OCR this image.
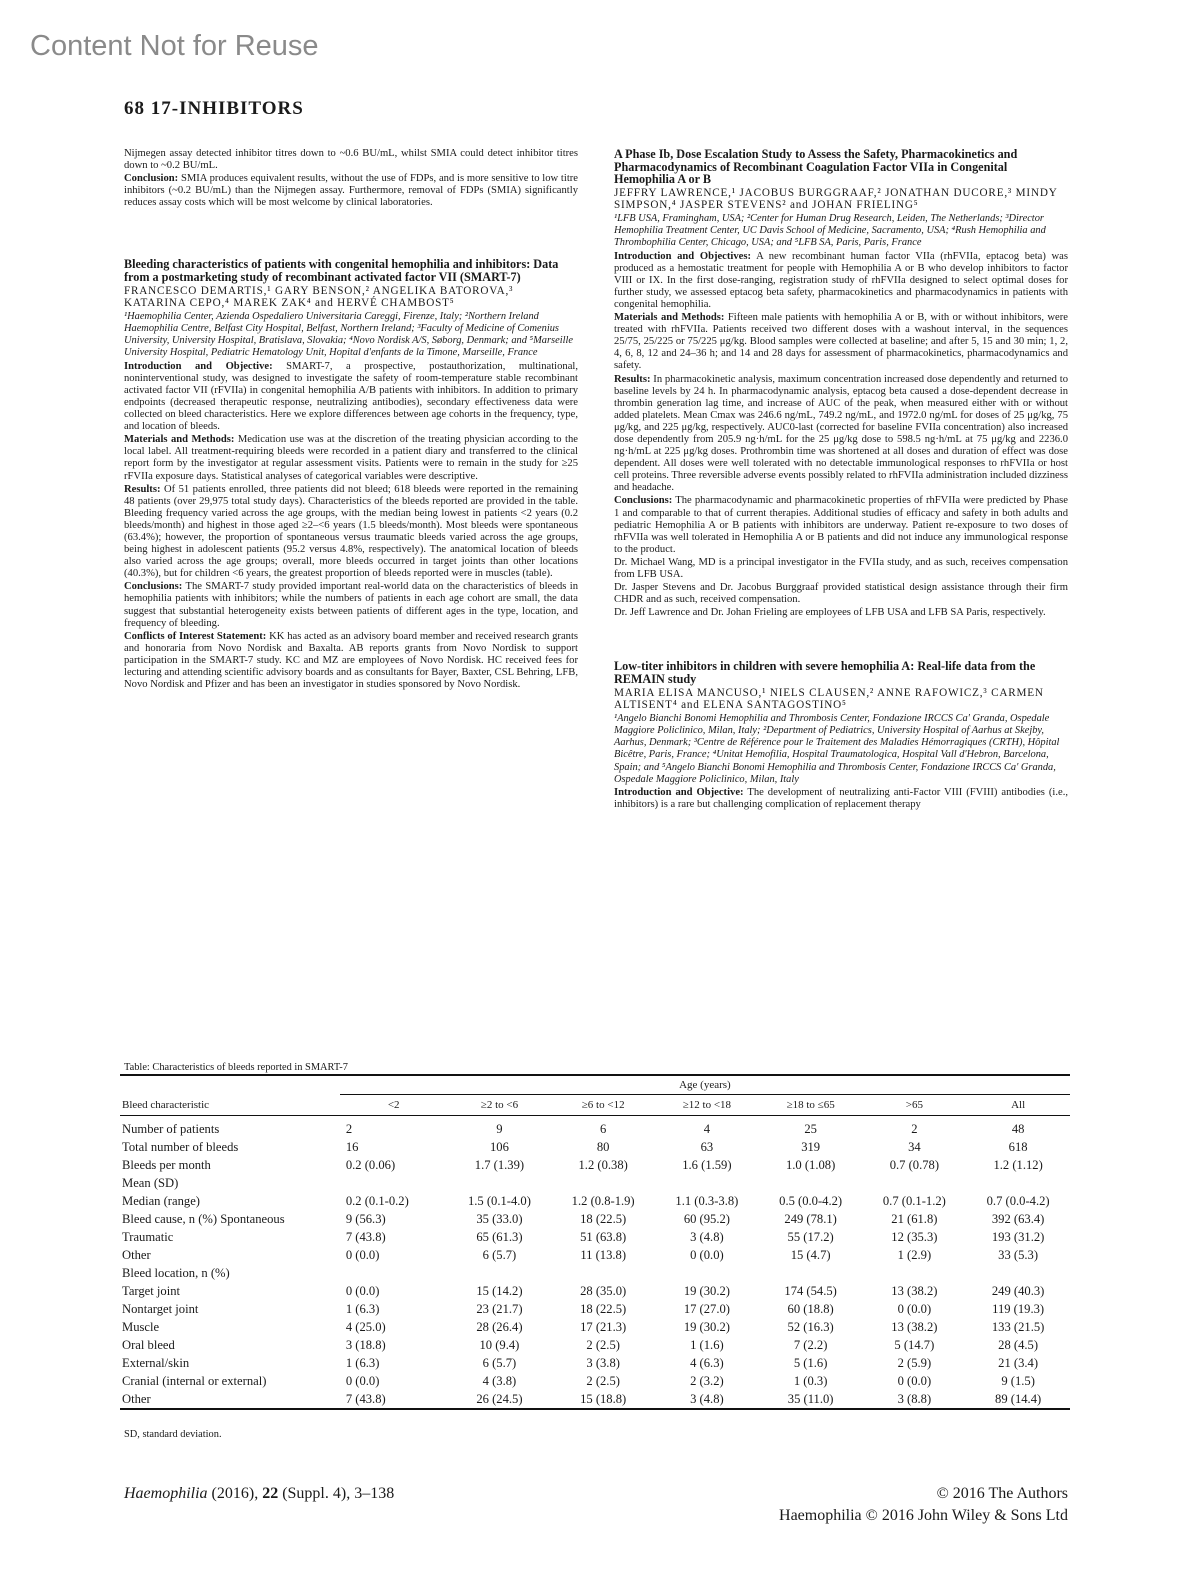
Content Not for Reuse
68 17-INHIBITORS

Nijmegen assay detected inhibitor titres down to ~0.6 BU/mL, whilst SMIA could detect inhibitor titres down to ~0.2 BU/mL.

Conclusion: SMIA produces equivalent results, without the use of FDPs, and is more sensitive to low titre inhibitors (~0.2 BU/mL) than the Nijmegen assay. Furthermore, removal of FDPs (SMIA) significantly reduces assay costs which will be most welcome by clinical laboratories.

Bleeding characteristics of patients with congenital hemophilia and inhibitors: Data from a postmarketing study of recombinant activated factor VII (SMART-7)

FRANCESCO DEMARTIS,¹ GARY BENSON,² ANGELIKA BATOROVA,³ KATARINA CEPO,⁴ MAREK ZAK⁴ and HERVÉ CHAMBOST⁵

¹Haemophilia Center, Azienda Ospedaliero Universitaria Careggi, Firenze, Italy; ²Northern Ireland Haemophilia Centre, Belfast City Hospital, Belfast, Northern Ireland; ³Faculty of Medicine of Comenius University, University Hospital, Bratislava, Slovakia; ⁴Novo Nordisk A/S, Søborg, Denmark; and ⁵Marseille University Hospital, Pediatric Hematology Unit, Hopital d'enfants de la Timone, Marseille, France

Introduction and Objective: SMART-7, a prospective, postauthorization, multinational, noninterventional study, was designed to investigate the safety of room-temperature stable recombinant activated factor VII (rFVIIa) in congenital hemophilia A/B patients with inhibitors. In addition to primary endpoints (decreased therapeutic response, neutralizing antibodies), secondary effectiveness data were collected on bleed characteristics. Here we explore differences between age cohorts in the frequency, type, and location of bleeds.

Materials and Methods: Medication use was at the discretion of the treating physician according to the local label. All treatment-requiring bleeds were recorded in a patient diary and transferred to the clinical report form by the investigator at regular assessment visits. Patients were to remain in the study for ≥25 rFVIIa exposure days. Statistical analyses of categorical variables were descriptive.

Results: Of 51 patients enrolled, three patients did not bleed; 618 bleeds were reported in the remaining 48 patients (over 29,975 total study days). Characteristics of the bleeds reported are provided in the table. Bleeding frequency varied across the age groups, with the median being lowest in patients <2 years (0.2 bleeds/month) and highest in those aged ≥2–<6 years (1.5 bleeds/month). Most bleeds were spontaneous (63.4%); however, the proportion of spontaneous versus traumatic bleeds varied across the age groups, being highest in adolescent patients (95.2 versus 4.8%, respectively). The anatomical location of bleeds also varied across the age groups; overall, more bleeds occurred in target joints than other locations (40.3%), but for children <6 years, the greatest proportion of bleeds reported were in muscles (table).

Conclusions: The SMART-7 study provided important real-world data on the characteristics of bleeds in hemophilia patients with inhibitors; while the numbers of patients in each age cohort are small, the data suggest that substantial heterogeneity exists between patients of different ages in the type, location, and frequency of bleeding.

Conflicts of Interest Statement: KK has acted as an advisory board member and received research grants and honoraria from Novo Nordisk and Baxalta. AB reports grants from Novo Nordisk to support participation in the SMART-7 study. KC and MZ are employees of Novo Nordisk. HC received fees for lecturing and attending scientific advisory boards and as consultants for Bayer, Baxter, CSL Behring, LFB, Novo Nordisk and Pfizer and has been an investigator in studies sponsored by Novo Nordisk.

A Phase Ib, Dose Escalation Study to Assess the Safety, Pharmacokinetics and Pharmacodynamics of Recombinant Coagulation Factor VIIa in Congenital Hemophilia A or B

JEFFRY LAWRENCE,¹ JACOBUS BURGGRAAF,² JONATHAN DUCORE,³ MINDY SIMPSON,⁴ JASPER STEVENS² and JOHAN FRIELING⁵

¹LFB USA, Framingham, USA; ²Center for Human Drug Research, Leiden, The Netherlands; ³Director Hemophilia Treatment Center, UC Davis School of Medicine, Sacramento, USA; ⁴Rush Hemophilia and Thrombophilia Center, Chicago, USA; and ⁵LFB SA, Paris, Paris, France

Introduction and Objectives: A new recombinant human factor VIIa (rhFVIIa, eptacog beta) was produced as a hemostatic treatment for people with Hemophilia A or B who develop inhibitors to factor VIII or IX. In the first dose-ranging, registration study of rhFVIIa designed to select optimal doses for further study, we assessed eptacog beta safety, pharmacokinetics and pharmacodynamics in patients with congenital hemophilia.

Materials and Methods: Fifteen male patients with hemophilia A or B, with or without inhibitors, were treated with rhFVIIa. Patients received two different doses with a washout interval, in the sequences 25/75, 25/225 or 75/225 μg/kg. Blood samples were collected at baseline; and after 5, 15 and 30 min; 1, 2, 4, 6, 8, 12 and 24–36 h; and 14 and 28 days for assessment of pharmacokinetics, pharmacodynamics and safety.

Results: In pharmacokinetic analysis, maximum concentration increased dose dependently and returned to baseline levels by 24 h. In pharmacodynamic analysis, eptacog beta caused a dose-dependent decrease in thrombin generation lag time, and increase of AUC of the peak, when measured either with or without added platelets. Mean Cmax was 246.6 ng/mL, 749.2 ng/mL, and 1972.0 ng/mL for doses of 25 μg/kg, 75 μg/kg, and 225 μg/kg, respectively. AUC0-last (corrected for baseline FVIIa concentration) also increased dose dependently from 205.9 ng·h/mL for the 25 μg/kg dose to 598.5 ng·h/mL at 75 μg/kg and 2236.0 ng·h/mL at 225 μg/kg doses. Prothrombin time was shortened at all doses and duration of effect was dose dependent. All doses were well tolerated with no detectable immunological responses to rhFVIIa or host cell proteins. Three reversible adverse events possibly related to rhFVIIa administration included dizziness and headache.

Conclusions: The pharmacodynamic and pharmacokinetic properties of rhFVIIa were predicted by Phase 1 and comparable to that of current therapies. Additional studies of efficacy and safety in both adults and pediatric Hemophilia A or B patients with inhibitors are underway. Patient re-exposure to two doses of rhFVIIa was well tolerated in Hemophilia A or B patients and did not induce any immunological response to the product.

Dr. Michael Wang, MD is a principal investigator in the FVIIa study, and as such, receives compensation from LFB USA.

Dr. Jasper Stevens and Dr. Jacobus Burggraaf provided statistical design assistance through their firm CHDR and as such, received compensation.

Dr. Jeff Lawrence and Dr. Johan Frieling are employees of LFB USA and LFB SA Paris, respectively.

Low-titer inhibitors in children with severe hemophilia A: Real-life data from the REMAIN study

MARIA ELISA MANCUSO,¹ NIELS CLAUSEN,² ANNE RAFOWICZ,³ CARMEN ALTISENT⁴ and ELENA SANTAGOSTINO⁵

¹Angelo Bianchi Bonomi Hemophilia and Thrombosis Center, Fondazione IRCCS Ca' Granda, Ospedale Maggiore Policlinico, Milan, Italy; ²Department of Pediatrics, University Hospital of Aarhus at Skejby, Aarhus, Denmark; ³Centre de Référence pour le Traitement des Maladies Hémorragiques (CRTH), Hôpital Bicêtre, Paris, France; ⁴Unitat Hemofilia, Hospital Traumatologica, Hospital Vall d'Hebron, Barcelona, Spain; and ⁵Angelo Bianchi Bonomi Hemophilia and Thrombosis Center, Fondazione IRCCS Ca' Granda, Ospedale Maggiore Policlinico, Milan, Italy

Introduction and Objective: The development of neutralizing anti-Factor VIII (FVIII) antibodies (i.e., inhibitors) is a rare but challenging complication of replacement therapy

Table: Characteristics of bleeds reported in SMART-7
	Age (years)						
Bleed characteristic	<2	≥2 to <6	≥6 to <12	≥12 to <18	≥18 to ≤65	>65	All
Number of patients	2	9	6	4	25	2	48
Total number of bleeds	16	106	80	63	319	34	618
Bleeds per month	0.2 (0.06)	1.7 (1.39)	1.2 (0.38)	1.6 (1.59)	1.0 (1.08)	0.7 (0.78)	1.2 (1.12)
Mean (SD)							
Median (range)	0.2 (0.1-0.2)	1.5 (0.1-4.0)	1.2 (0.8-1.9)	1.1 (0.3-3.8)	0.5 (0.0-4.2)	0.7 (0.1-1.2)	0.7 (0.0-4.2)
Bleed cause, n (%) Spontaneous	9 (56.3)	35 (33.0)	18 (22.5)	60 (95.2)	249 (78.1)	21 (61.8)	392 (63.4)
Traumatic	7 (43.8)	65 (61.3)	51 (63.8)	3 (4.8)	55 (17.2)	12 (35.3)	193 (31.2)
Other	0 (0.0)	6 (5.7)	11 (13.8)	0 (0.0)	15 (4.7)	1 (2.9)	33 (5.3)
Bleed location, n (%)							
Target joint	0 (0.0)	15 (14.2)	28 (35.0)	19 (30.2)	174 (54.5)	13 (38.2)	249 (40.3)
Nontarget joint	1 (6.3)	23 (21.7)	18 (22.5)	17 (27.0)	60 (18.8)	0 (0.0)	119 (19.3)
Muscle	4 (25.0)	28 (26.4)	17 (21.3)	19 (30.2)	52 (16.3)	13 (38.2)	133 (21.5)
Oral bleed	3 (18.8)	10 (9.4)	2 (2.5)	1 (1.6)	7 (2.2)	5 (14.7)	28 (4.5)
External/skin	1 (6.3)	6 (5.7)	3 (3.8)	4 (6.3)	5 (1.6)	2 (5.9)	21 (3.4)
Cranial (internal or external)	0 (0.0)	4 (3.8)	2 (2.5)	2 (3.2)	1 (0.3)	0 (0.0)	9 (1.5)
Other	7 (43.8)	26 (24.5)	15 (18.8)	3 (4.8)	35 (11.0)	3 (8.8)	89 (14.4)
SD, standard deviation.
Haemophilia (2016), 22 (Suppl. 4), 3–138	© 2016 The Authors
Haemophilia © 2016 John Wiley & Sons Ltd
